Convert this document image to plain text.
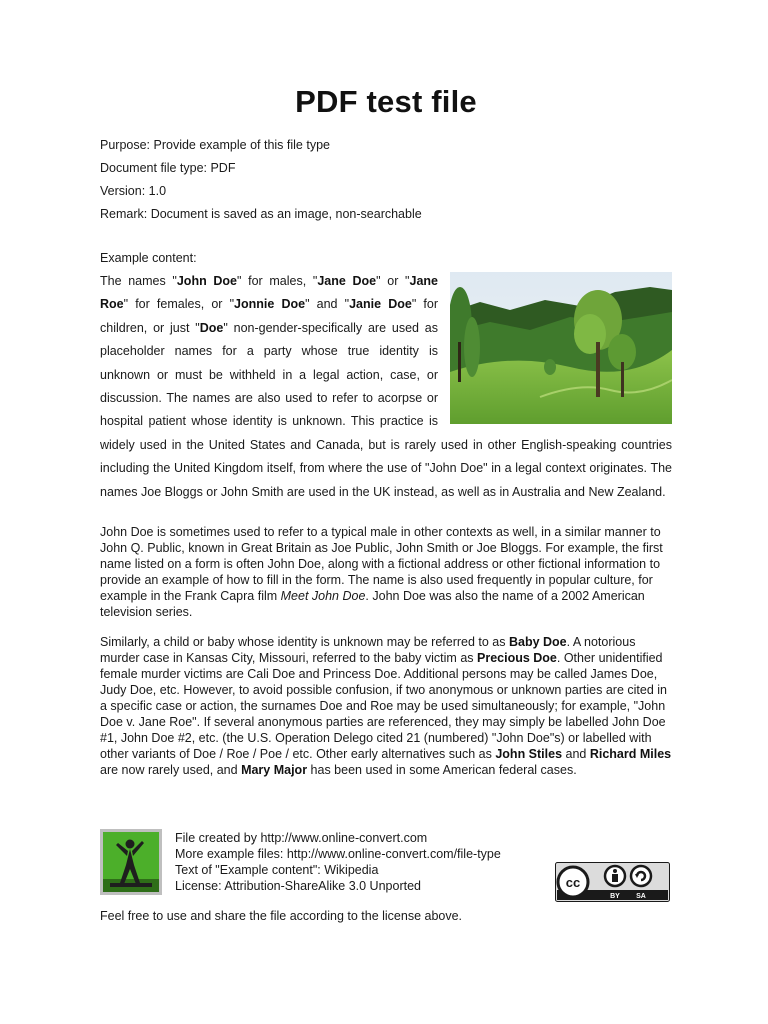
PDF test file

Purpose: Provide example of this file type

Document file type: PDF

Version: 1.0

Remark: Document is saved as an image, non-searchable

Example content:

The names "John Doe" for males, "Jane Doe" or "Jane Roe" for females, or "Jonnie Doe" and "Janie Doe" for children, or just "Doe" non-gender-specifically are used as placeholder names for a party whose true identity is unknown or must be withheld in a legal action, case, or discussion. The names are also used to refer to acorpse or hospital patient whose identity is unknown. This practice is widely used in the United States and Canada, but is rarely used in other English-speaking countries including the United Kingdom itself, from where the use of "John Doe" in a legal context originates. The names Joe Bloggs or John Smith are used in the UK instead, as well as in Australia and New Zealand.

John Doe is sometimes used to refer to a typical male in other contexts as well, in a similar manner to John Q. Public, known in Great Britain as Joe Public, John Smith or Joe Bloggs. For example, the first name listed on a form is often John Doe, along with a fictional address or other fictional information to provide an example of how to fill in the form. The name is also used frequently in popular culture, for example in the Frank Capra film Meet John Doe. John Doe was also the name of a 2002 American television series.

Similarly, a child or baby whose identity is unknown may be referred to as Baby Doe. A notorious murder case in Kansas City, Missouri, referred to the baby victim as Precious Doe. Other unidentified female murder victims are Cali Doe and Princess Doe. Additional persons may be called James Doe, Judy Doe, etc. However, to avoid possible confusion, if two anonymous or unknown parties are cited in a specific case or action, the surnames Doe and Roe may be used simultaneously; for example, "John Doe v. Jane Roe". If several anonymous parties are referenced, they may simply be labelled John Doe #1, John Doe #2, etc. (the U.S. Operation Delego cited 21 (numbered) "John Doe"s) or labelled with other variants of Doe / Roe / Poe / etc. Other early alternatives such as John Stiles and Richard Miles are now rarely used, and Mary Major has been used in some American federal cases.

File created by http://www.online-convert.com
More example files: http://www.online-convert.com/file-type
Text of "Example content": Wikipedia
License: Attribution-ShareAlike 3.0 Unported	cc
BY SA
Feel free to use and share the file according to the license above.
